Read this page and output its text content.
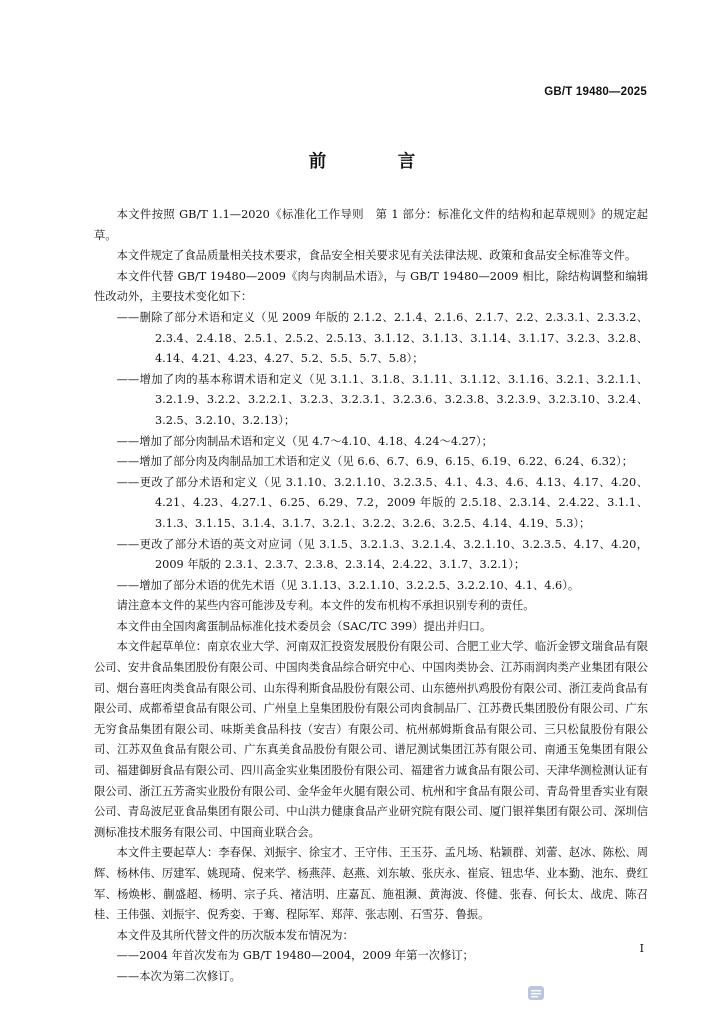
GB/T 19480—2025
前　言

本文件按照 GB/T 1.1—2020《标准化工作导则　第 1 部分：标准化文件的结构和起草规则》的规定起草。

本文件规定了食品质量相关技术要求，食品安全相关要求见有关法律法规、政策和食品安全标准等文件。

本文件代替 GB/T 19480—2009《肉与肉制品术语》，与 GB/T 19480—2009 相比，除结构调整和编辑性改动外，主要技术变化如下：

——删除了部分术语和定义（见 2009 年版的 2.1.2、2.1.4、2.1.6、2.1.7、2.2、2.3.3.1、2.3.3.2、2.3.4、2.4.18、2.5.1、2.5.2、2.5.13、3.1.12、3.1.13、3.1.14、3.1.17、3.2.3、3.2.8、4.14、4.21、4.23、4.27、5.2、5.5、5.7、5.8）；

——增加了肉的基本称谓术语和定义（见 3.1.1、3.1.8、3.1.11、3.1.12、3.1.16、3.2.1、3.2.1.1、3.2.1.9、3.2.2、3.2.2.1、3.2.3、3.2.3.1、3.2.3.6、3.2.3.8、3.2.3.9、3.2.3.10、3.2.4、3.2.5、3.2.10、3.2.13）；

——增加了部分肉制品术语和定义（见 4.7～4.10、4.18、4.24～4.27）；

——增加了部分肉及肉制品加工术语和定义（见 6.6、6.7、6.9、6.15、6.19、6.22、6.24、6.32）；

——更改了部分术语和定义（见 3.1.10、3.2.1.10、3.2.3.5、4.1、4.3、4.6、4.13、4.17、4.20、4.21、4.23、4.27.1、6.25、6.29、7.2，2009 年版的 2.5.18、2.3.14、2.4.22、3.1.1、3.1.3、3.1.15、3.1.4、3.1.7、3.2.1、3.2.2、3.2.6、3.2.5、4.14、4.19、5.3）；

——更改了部分术语的英文对应词（见 3.1.5、3.2.1.3、3.2.1.4、3.2.1.10、3.2.3.5、4.17、4.20，2009 年版的 2.3.1、2.3.7、2.3.8、2.3.14、2.4.22、3.1.7、3.2.1）；

——增加了部分术语的优先术语（见 3.1.13、3.2.1.10、3.2.2.5、3.2.2.10、4.1、4.6）。

请注意本文件的某些内容可能涉及专利。本文件的发布机构不承担识别专利的责任。

本文件由全国肉禽蛋制品标准化技术委员会（SAC/TC 399）提出并归口。

本文件起草单位：南京农业大学、河南双汇投资发展股份有限公司、合肥工业大学、临沂金锣文瑞食品有限公司、安井食品集团股份有限公司、中国肉类食品综合研究中心、中国肉类协会、江苏雨润肉类产业集团有限公司、烟台喜旺肉类食品有限公司、山东得利斯食品股份有限公司、山东德州扒鸡股份有限公司、浙江麦尚食品有限公司、成都希望食品有限公司、广州皇上皇集团股份有限公司肉食制品厂、江苏费氏集团股份有限公司、广东无穷食品集团有限公司、味斯美食品科技（安吉）有限公司、杭州郝姆斯食品有限公司、三只松鼠股份有限公司、江苏双鱼食品有限公司、广东真美食品股份有限公司、谱尼测试集团江苏有限公司、南通玉兔集团有限公司、福建御厨食品有限公司、四川高金实业集团股份有限公司、福建省力诚食品有限公司、天津华测检测认证有限公司、浙江五芳斋实业股份有限公司、金华金年火腿有限公司、杭州和宇食品有限公司、青岛骨里香实业有限公司、青岛波尼亚食品集团有限公司、中山洪力健康食品产业研究院有限公司、厦门银祥集团有限公司、深圳信测标准技术服务有限公司、中国商业联合会。

本文件主要起草人：李春保、刘振宇、徐宝才、王守伟、王玉芬、孟凡场、粘颖群、刘蕾、赵冰、陈松、周辉、杨林伟、厉建军、姚现琦、倪来学、杨燕萍、赵燕、刘东敏、张庆永、崔宸、钮忠华、业本勤、池东、费红军、杨焕彬、蒯盛超、杨明、宗子兵、褚洁明、庄嘉瓦、施祖濒、黄海波、佟健、张春、何长太、战虎、陈召桂、王伟强、刘振宇、倪秀娈、于骞、程际军、郑萍、张志刚、石雪芬、鲁振。

本文件及其所代替文件的历次版本发布情况为：

——2004 年首次发布为 GB/T 19480—2004，2009 年第一次修订；

——本次为第二次修订。

I
